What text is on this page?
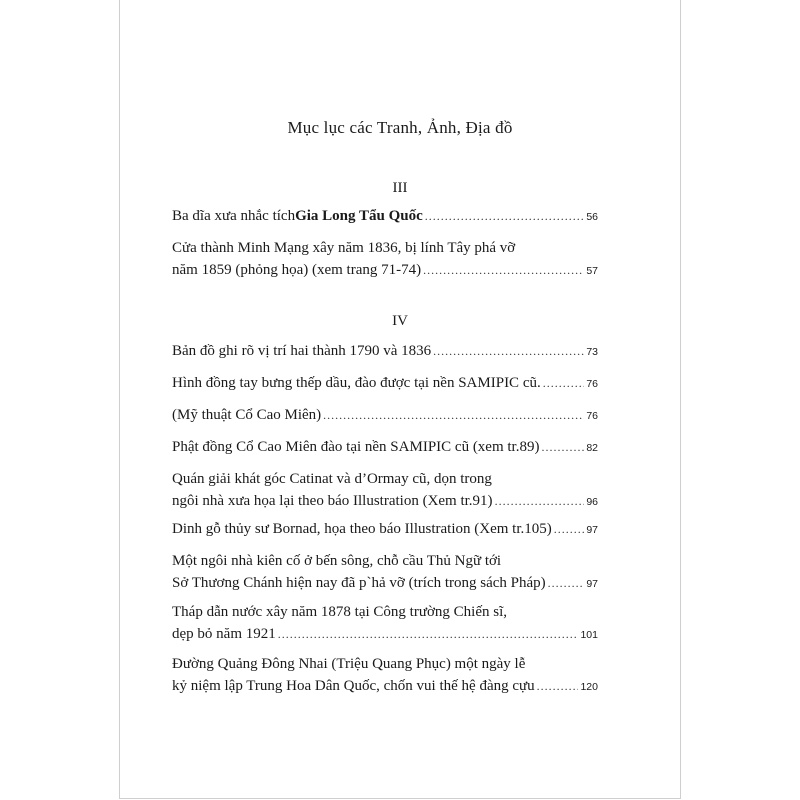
Mục lục các Tranh, Ảnh, Địa đồ
III
Ba dĩa xưa nhắc tích Gia Long Tẩu Quốc .....	56
Cửa thành Minh Mạng xây năm 1836, bị lính Tây phá vỡ
năm 1859 (phỏng họa) (xem trang 71-74) .....	57
IV
Bản đồ ghi rõ vị trí hai thành 1790 và 1836 .....	73
Hình đồng tay bưng thếp dầu, đào được tại nền SAMIPIC cũ. .....	76
(Mỹ thuật Cổ Cao Miên) .....	76
Phật đồng Cổ Cao Miên đào tại nền SAMIPIC cũ (xem tr.89) .....	82
Quán giải khát góc Catinat và d’Ormay cũ, dọn trong
ngôi nhà xưa họa lại theo báo Illustration (Xem tr.91) .....	96
Dinh gỗ thủy sư Bornad, họa theo báo Illustration (Xem tr.105) .....	97
Một ngôi nhà kiên cố ở bến sông, chỗ cầu Thủ Ngữ tới
Sở Thương Chánh hiện nay đã p`hả vỡ (trích trong sách Pháp) .....	97
Tháp dẫn nước xây năm 1878 tại Công trường Chiến sĩ,
dẹp bỏ năm 1921 .....	101
Đường Quảng Đông Nhai (Triệu Quang Phục) một ngày lễ
kỷ niệm lập Trung Hoa Dân Quốc, chốn vui thế hệ đàng cựu .....	120
